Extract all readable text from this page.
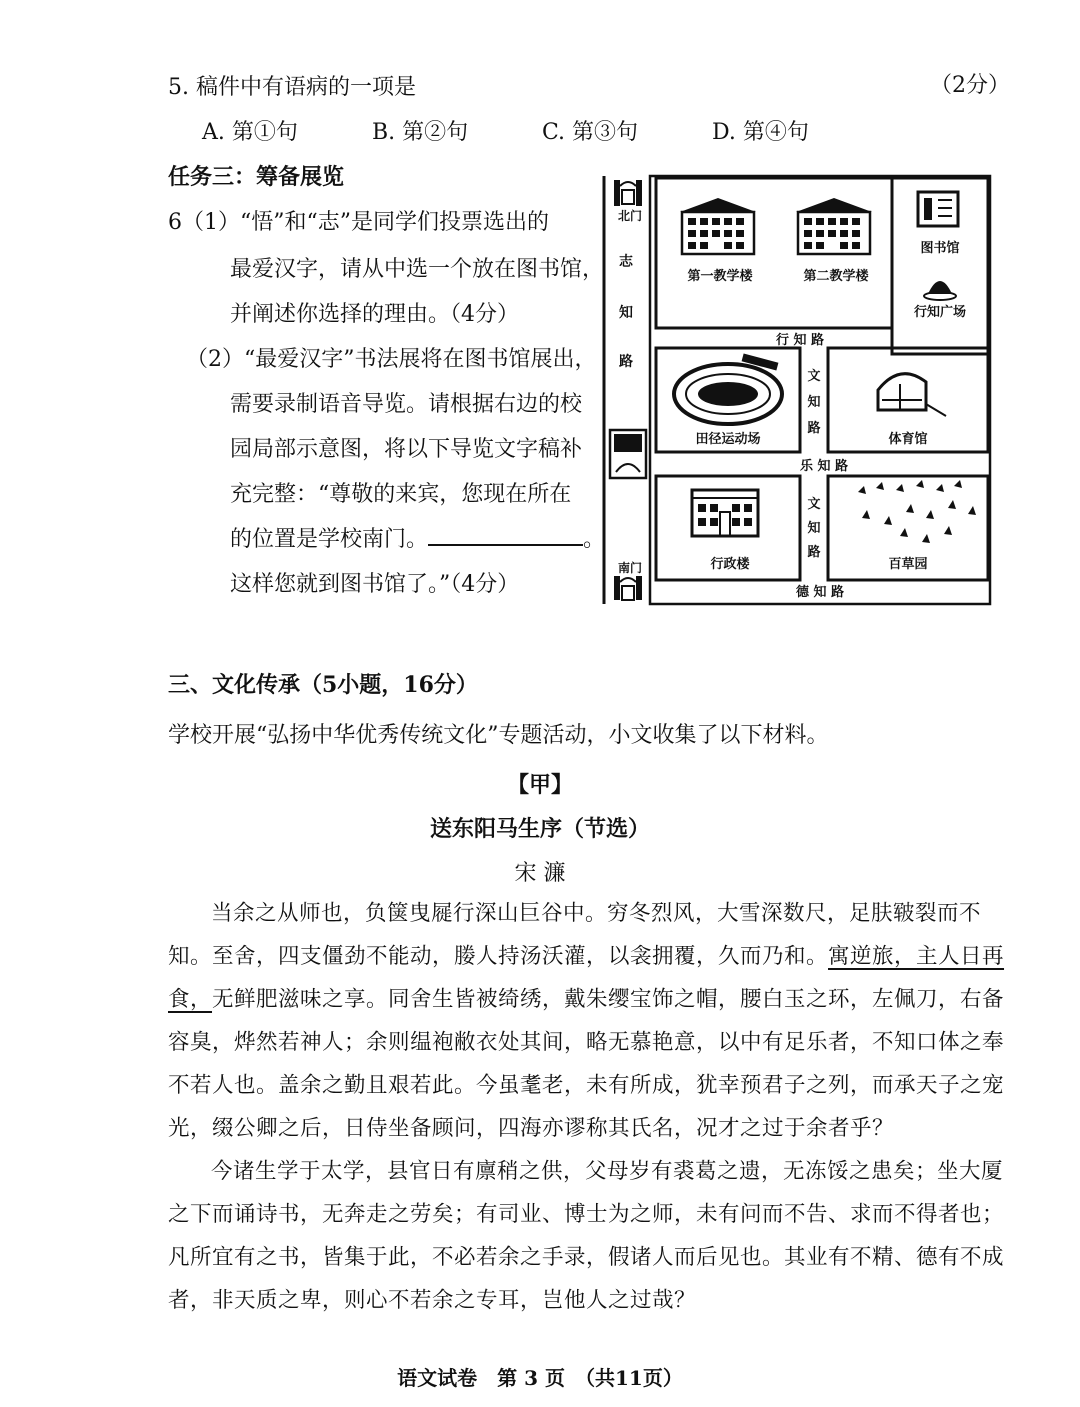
5. 稿件中有语病的一项是	（2分）
A. 第①句	B. 第②句	C. 第③句	D. 第④句
任务三：筹备展览
6（1）“悟”和“志”是同学们投票选出的
最爱汉字，请从中选一个放在图书馆，
并阐述你选择的理由。（4分）
（2）“最爱汉字”书法展将在图书馆展出，
需要录制语音导览。请根据右边的校
园局部示意图，将以下导览文字稿补
充完整：“尊敬的来宾，您现在所在
的位置是学校南门。	。
这样您就到图书馆了。”（4分）
北门
志
知
路
南门
第一教学楼	第二教学楼
图书馆
行知广场
行 知 路
文
知
路
田径运动场	体育馆
乐 知 路
文
知
路
行政楼	百草园
德 知 路
三、文化传承（5小题，16分）
学校开展“弘扬中华优秀传统文化”专题活动，小文收集了以下材料。
【甲】
送东阳马生序（节选）
宋 濂

当余之从师也，负箧曳屣行深山巨谷中。穷冬烈风，大雪深数尺，足肤皲裂而不知。至舍，四支僵劲不能动，媵人持汤沃灌，以衾拥覆，久而乃和。寓逆旅，主人日再食，无鲜肥滋味之享。同舍生皆被绮绣，戴朱缨宝饰之帽，腰白玉之环，左佩刀，右备容臭，烨然若神人；余则缊袍敝衣处其间，略无慕艳意，以中有足乐者，不知口体之奉不若人也。盖余之勤且艰若此。今虽耄老，未有所成，犹幸预君子之列，而承天子之宠光，缀公卿之后，日侍坐备顾问，四海亦谬称其氏名，况才之过于余者乎？

今诸生学于太学，县官日有廪稍之供，父母岁有裘葛之遗，无冻馁之患矣；坐大厦之下而诵诗书，无奔走之劳矣；有司业、博士为之师，未有问而不告、求而不得者也；凡所宜有之书，皆集于此，不必若余之手录，假诸人而后见也。其业有不精、德有不成者，非天质之卑，则心不若余之专耳，岂他人之过哉？

语文试卷　第 3 页　（共11页）
